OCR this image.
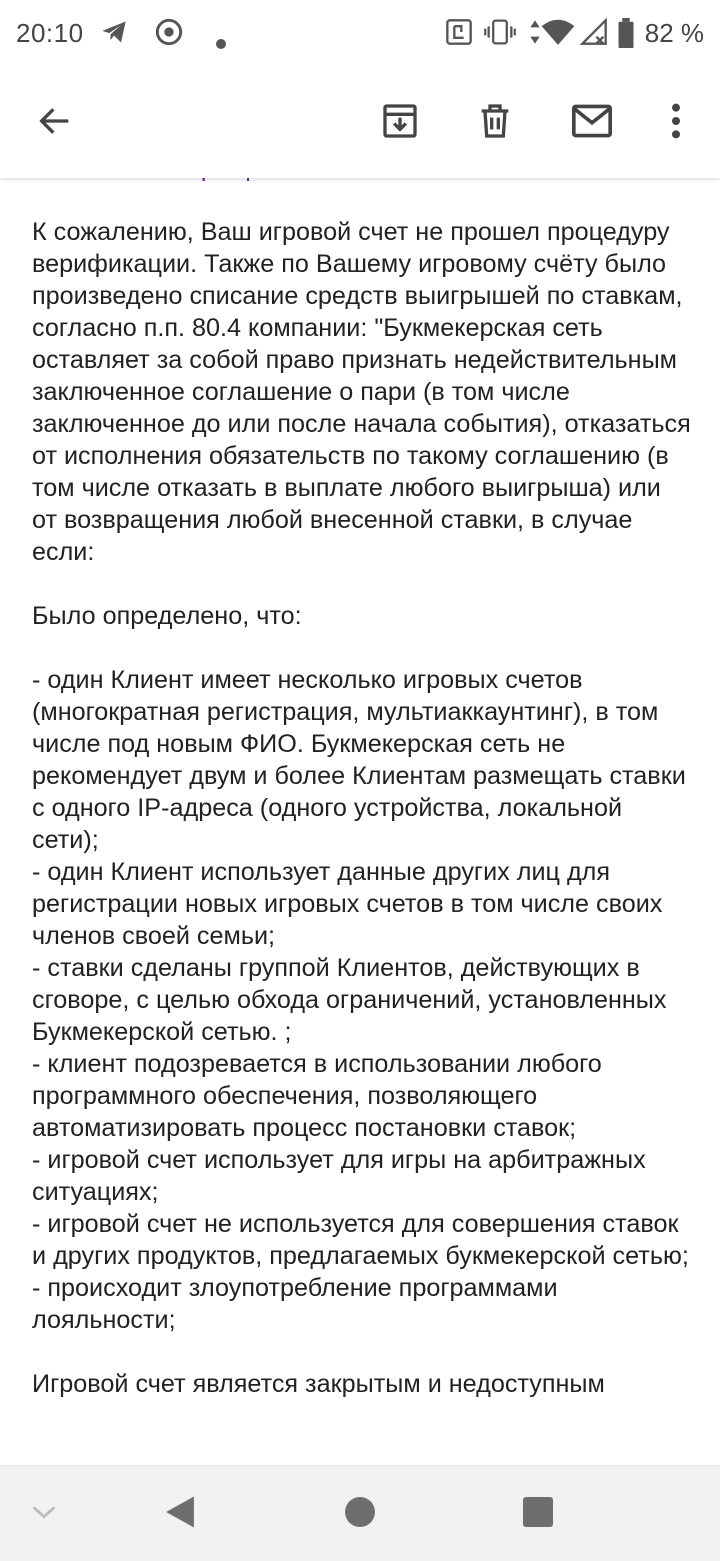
20:10	82 %
К сожалению, Ваш игровой счет не прошел процедуру верификации. Также по Вашему игровому счёту было произведено списание средств выигрышей по ставкам, согласно п.п. 80.4 компании: "Букмекерская сеть оставляет за собой право признать недействительным заключенное соглашение о пари (в том числе заключенное до или после начала события), отказаться от исполнения обязательств по такому соглашению (в том числе отказать в выплате любого выигрыша) или от возвращения любой внесенной ставки, в случае если:
Было определено, что:
- один Клиент имеет несколько игровых счетов (многократная регистрация, мультиаккаунтинг), в том числе под новым ФИО. Букмекерская сеть не рекомендует двум и более Клиентам размещать ставки с одного IP-адреса (одного устройства, локальной сети);
- один Клиент использует данные других лиц для регистрации новых игровых счетов в том числе своих членов своей семьи;
- ставки сделаны группой Клиентов, действующих в сговоре, с целью обхода ограничений, установленных Букмекерской сетью. ;
- клиент подозревается в использовании любого программного обеспечения, позволяющего автоматизировать процесс постановки ставок;
- игровой счет использует для игры на арбитражных ситуациях;
- игровой счет не используется для совершения ставок и других продуктов, предлагаемых букмекерской сетью;
- происходит злоупотребление программами лояльности;
Игровой счет является закрытым и недоступным
